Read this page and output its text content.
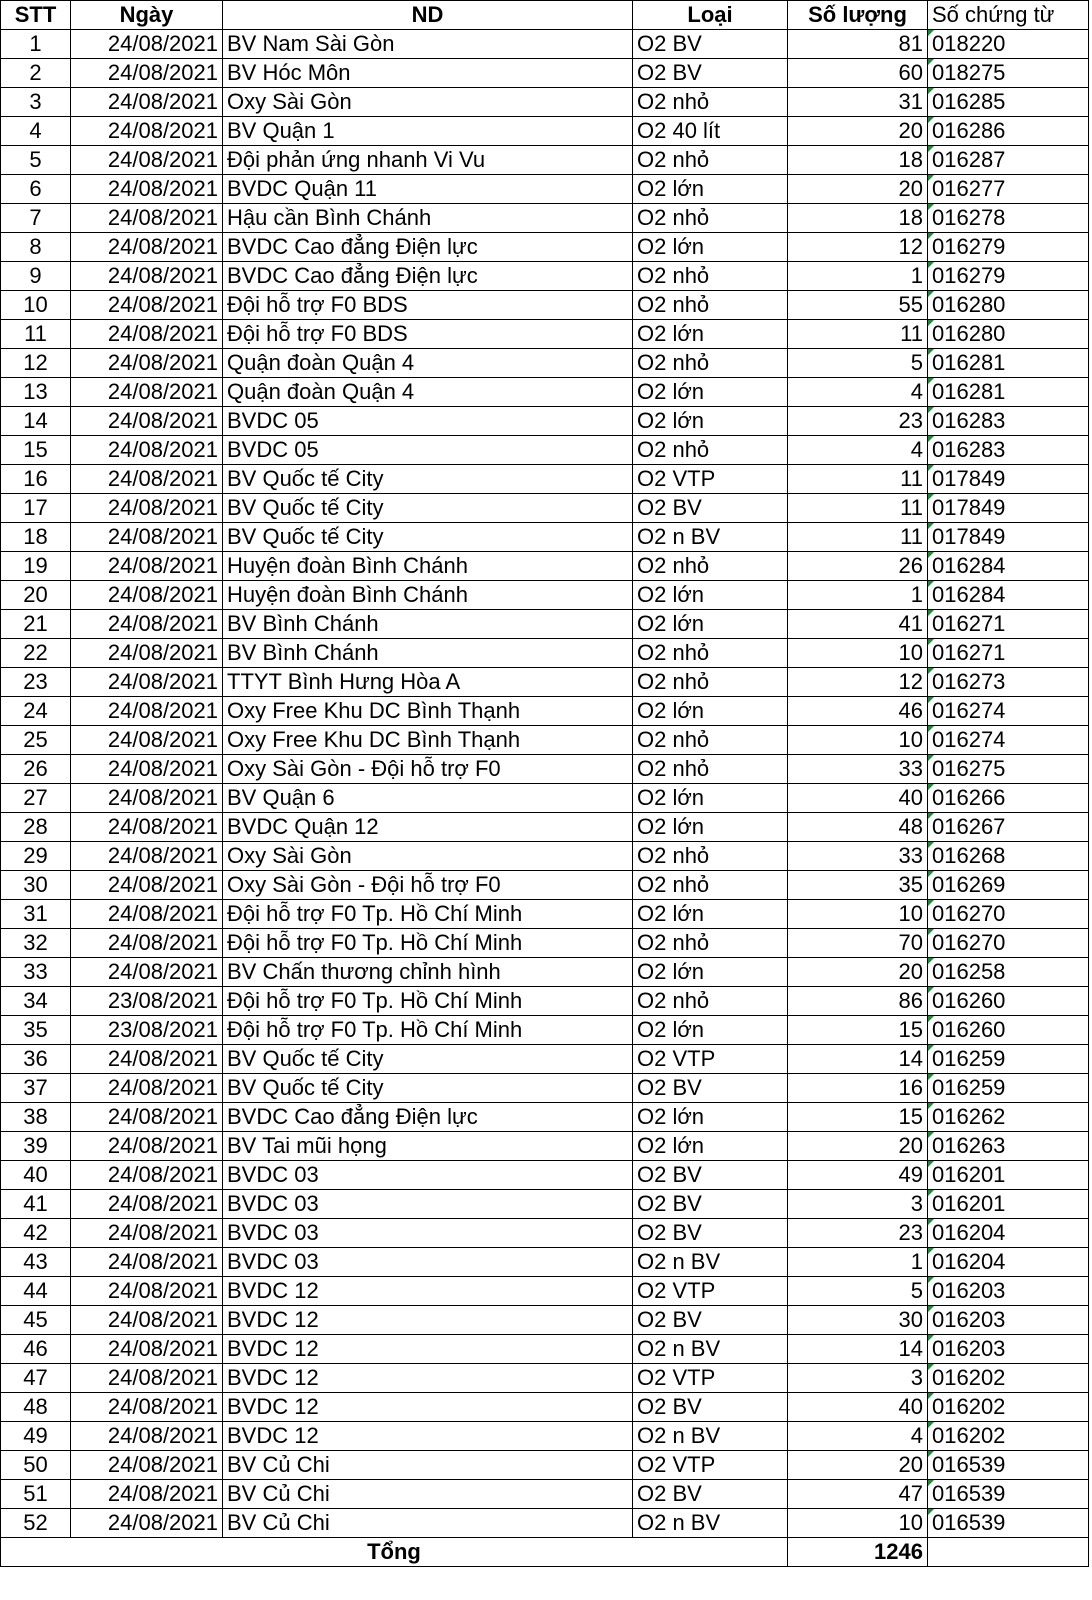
STT	Ngày	ND	Loại	Số lượng	Số chứng từ
1	24/08/2021	BV Nam Sài Gòn	O2 BV	81	018220
2	24/08/2021	BV Hóc Môn	O2 BV	60	018275
3	24/08/2021	Oxy Sài Gòn	O2 nhỏ	31	016285
4	24/08/2021	BV Quận 1	O2 40 lít	20	016286
5	24/08/2021	Đội phản ứng nhanh Vi Vu	O2 nhỏ	18	016287
6	24/08/2021	BVDC Quận 11	O2 lớn	20	016277
7	24/08/2021	Hậu cần Bình Chánh	O2 nhỏ	18	016278
8	24/08/2021	BVDC Cao đẳng Điện lực	O2 lớn	12	016279
9	24/08/2021	BVDC Cao đẳng Điện lực	O2 nhỏ	1	016279
10	24/08/2021	Đội hỗ trợ F0 BDS	O2 nhỏ	55	016280
11	24/08/2021	Đội hỗ trợ F0 BDS	O2 lớn	11	016280
12	24/08/2021	Quận đoàn Quận 4	O2 nhỏ	5	016281
13	24/08/2021	Quận đoàn Quận 4	O2 lớn	4	016281
14	24/08/2021	BVDC 05	O2 lớn	23	016283
15	24/08/2021	BVDC 05	O2 nhỏ	4	016283
16	24/08/2021	BV Quốc tế City	O2 VTP	11	017849
17	24/08/2021	BV Quốc tế City	O2 BV	11	017849
18	24/08/2021	BV Quốc tế City	O2 n BV	11	017849
19	24/08/2021	Huyện đoàn Bình Chánh	O2 nhỏ	26	016284
20	24/08/2021	Huyện đoàn Bình Chánh	O2 lớn	1	016284
21	24/08/2021	BV Bình Chánh	O2 lớn	41	016271
22	24/08/2021	BV Bình Chánh	O2 nhỏ	10	016271
23	24/08/2021	TTYT Bình Hưng Hòa A	O2 nhỏ	12	016273
24	24/08/2021	Oxy Free Khu DC Bình Thạnh	O2 lớn	46	016274
25	24/08/2021	Oxy Free Khu DC Bình Thạnh	O2 nhỏ	10	016274
26	24/08/2021	Oxy Sài Gòn - Đội hỗ trợ F0	O2 nhỏ	33	016275
27	24/08/2021	BV Quận 6	O2 lớn	40	016266
28	24/08/2021	BVDC Quận 12	O2 lớn	48	016267
29	24/08/2021	Oxy Sài Gòn	O2 nhỏ	33	016268
30	24/08/2021	Oxy Sài Gòn - Đội hỗ trợ F0	O2 nhỏ	35	016269
31	24/08/2021	Đội hỗ trợ F0 Tp. Hồ Chí Minh	O2 lớn	10	016270
32	24/08/2021	Đội hỗ trợ F0 Tp. Hồ Chí Minh	O2 nhỏ	70	016270
33	24/08/2021	BV Chấn thương chỉnh hình	O2 lớn	20	016258
34	23/08/2021	Đội hỗ trợ F0 Tp. Hồ Chí Minh	O2 nhỏ	86	016260
35	23/08/2021	Đội hỗ trợ F0 Tp. Hồ Chí Minh	O2 lớn	15	016260
36	24/08/2021	BV Quốc tế City	O2 VTP	14	016259
37	24/08/2021	BV Quốc tế City	O2 BV	16	016259
38	24/08/2021	BVDC Cao đẳng Điện lực	O2 lớn	15	016262
39	24/08/2021	BV Tai mũi họng	O2 lớn	20	016263
40	24/08/2021	BVDC 03	O2 BV	49	016201
41	24/08/2021	BVDC 03	O2 BV	3	016201
42	24/08/2021	BVDC 03	O2 BV	23	016204
43	24/08/2021	BVDC 03	O2 n BV	1	016204
44	24/08/2021	BVDC 12	O2 VTP	5	016203
45	24/08/2021	BVDC 12	O2 BV	30	016203
46	24/08/2021	BVDC 12	O2 n BV	14	016203
47	24/08/2021	BVDC 12	O2 VTP	3	016202
48	24/08/2021	BVDC 12	O2 BV	40	016202
49	24/08/2021	BVDC 12	O2 n BV	4	016202
50	24/08/2021	BV Củ Chi	O2 VTP	20	016539
51	24/08/2021	BV Củ Chi	O2 BV	47	016539
52	24/08/2021	BV Củ Chi	O2 n BV	10	016539
Tổng				1246	
